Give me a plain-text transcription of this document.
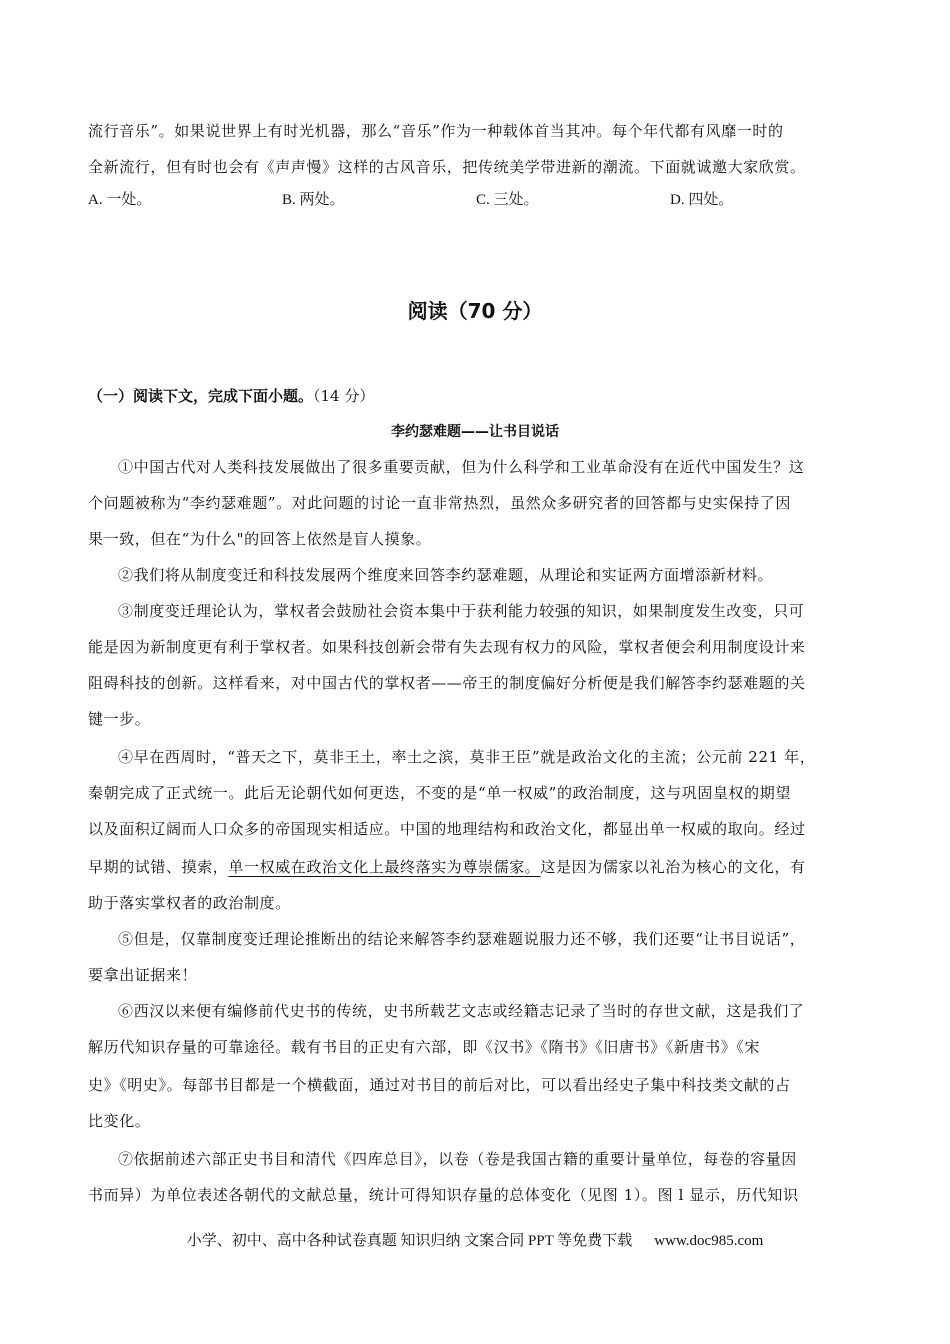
流行音乐”。如果说世界上有时光机器，那么“音乐”作为一种载体首当其冲。每个年代都有风靡一时的
全新流行，但有时也会有《声声慢》这样的古风音乐，把传统美学带进新的潮流。下面就诚邀大家欣赏。
A. 一处。	B. 两处。	C. 三处。	D. 四处。
阅读（70 分）
（一）阅读下文，完成下面小题。（14 分）
李约瑟难题——让书目说话
①中国古代对人类科技发展做出了很多重要贡献，但为什么科学和工业革命没有在近代中国发生？这
个问题被称为“李约瑟难题”。对此问题的讨论一直非常热烈，虽然众多研究者的回答都与史实保持了因
果一致，但在“为什么"的回答上依然是盲人摸象。
②我们将从制度变迁和科技发展两个维度来回答李约瑟难题，从理论和实证两方面增添新材料。
③制度变迁理论认为，掌权者会鼓励社会资本集中于获利能力较强的知识，如果制度发生改变，只可
能是因为新制度更有利于掌权者。如果科技创新会带有失去现有权力的风险，掌权者便会利用制度设计来
阻碍科技的创新。这样看来，对中国古代的掌权者——帝王的制度偏好分析便是我们解答李约瑟难题的关
键一步。
④早在西周时，“普天之下，莫非王土，率土之滨，莫非王臣”就是政治文化的主流；公元前 221 年，
秦朝完成了正式统一。此后无论朝代如何更迭，不变的是“单一权威”的政治制度，这与巩固皇权的期望
以及面积辽阔而人口众多的帝国现实相适应。中国的地理结构和政治文化，都显出单一权威的取向。经过
早期的试错、摸索，单一权威在政治文化上最终落实为尊崇儒家。这是因为儒家以礼治为核心的文化，有
助于落实掌权者的政治制度。
⑤但是，仅靠制度变迁理论推断出的结论来解答李约瑟难题说服力还不够，我们还要“让书目说话”，
要拿出证据来！
⑥西汉以来便有编修前代史书的传统，史书所载艺文志或经籍志记录了当时的存世文献，这是我们了
解历代知识存量的可靠途径。载有书目的正史有六部，即《汉书》《隋书》《旧唐书》《新唐书》《宋
史》《明史》。每部书目都是一个横截面，通过对书目的前后对比，可以看出经史子集中科技类文献的占
比变化。
⑦依据前述六部正史书目和清代《四库总目》，以卷（卷是我国古籍的重要计量单位，每卷的容量因
书而异）为单位表述各朝代的文献总量，统计可得知识存量的总体变化（见图 1）。图 l 显示，历代知识
小学、初中、高中各种试卷真题 知识归纳 文案合同 PPT 等免费下载 www.doc985.com
